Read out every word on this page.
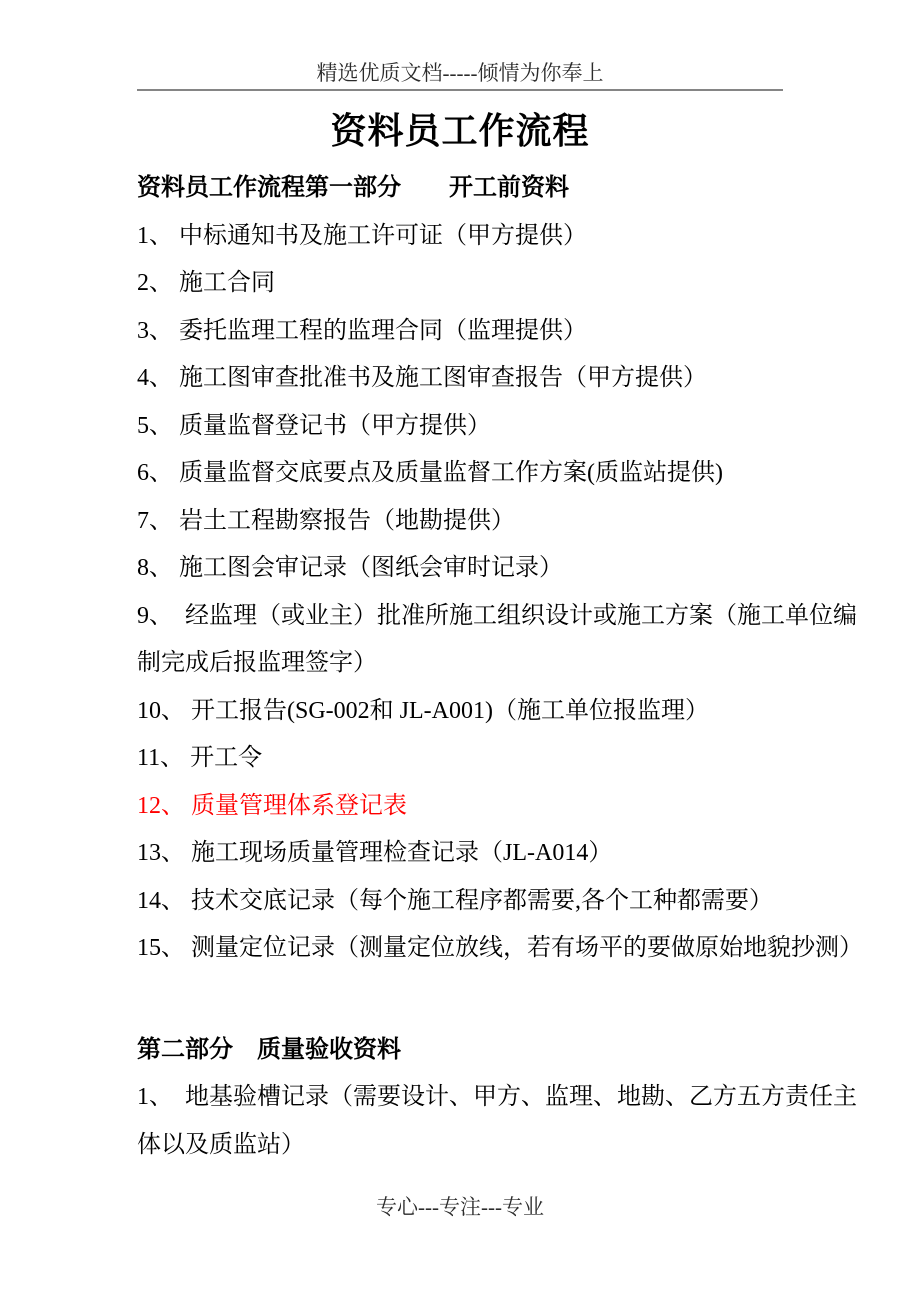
精选优质文档-----倾情为你奉上
资料员工作流程

资料员工作流程第一部分　　开工前资料

1、 中标通知书及施工许可证（甲方提供）

2、 施工合同

3、 委托监理工程的监理合同（监理提供）

4、 施工图审查批准书及施工图审查报告（甲方提供）

5、 质量监督登记书（甲方提供）

6、 质量监督交底要点及质量监督工作方案(质监站提供)

7、 岩土工程勘察报告（地勘提供）

8、 施工图会审记录（图纸会审时记录）

9、　经监理（或业主）批准所施工组织设计或施工方案（施工单位编制完成后报监理签字）

10、 开工报告(SG-002和 JL-A001)（施工单位报监理）

11、 开工令

12、 质量管理体系登记表

13、 施工现场质量管理检查记录（JL-A014）

14、 技术交底记录（每个施工程序都需要,各个工种都需要）

15、 测量定位记录（测量定位放线，若有场平的要做原始地貌抄测）

第二部分　质量验收资料

1、　地基验槽记录（需要设计、甲方、监理、地勘、乙方五方责任主体以及质监站）

专心---专注---专业
